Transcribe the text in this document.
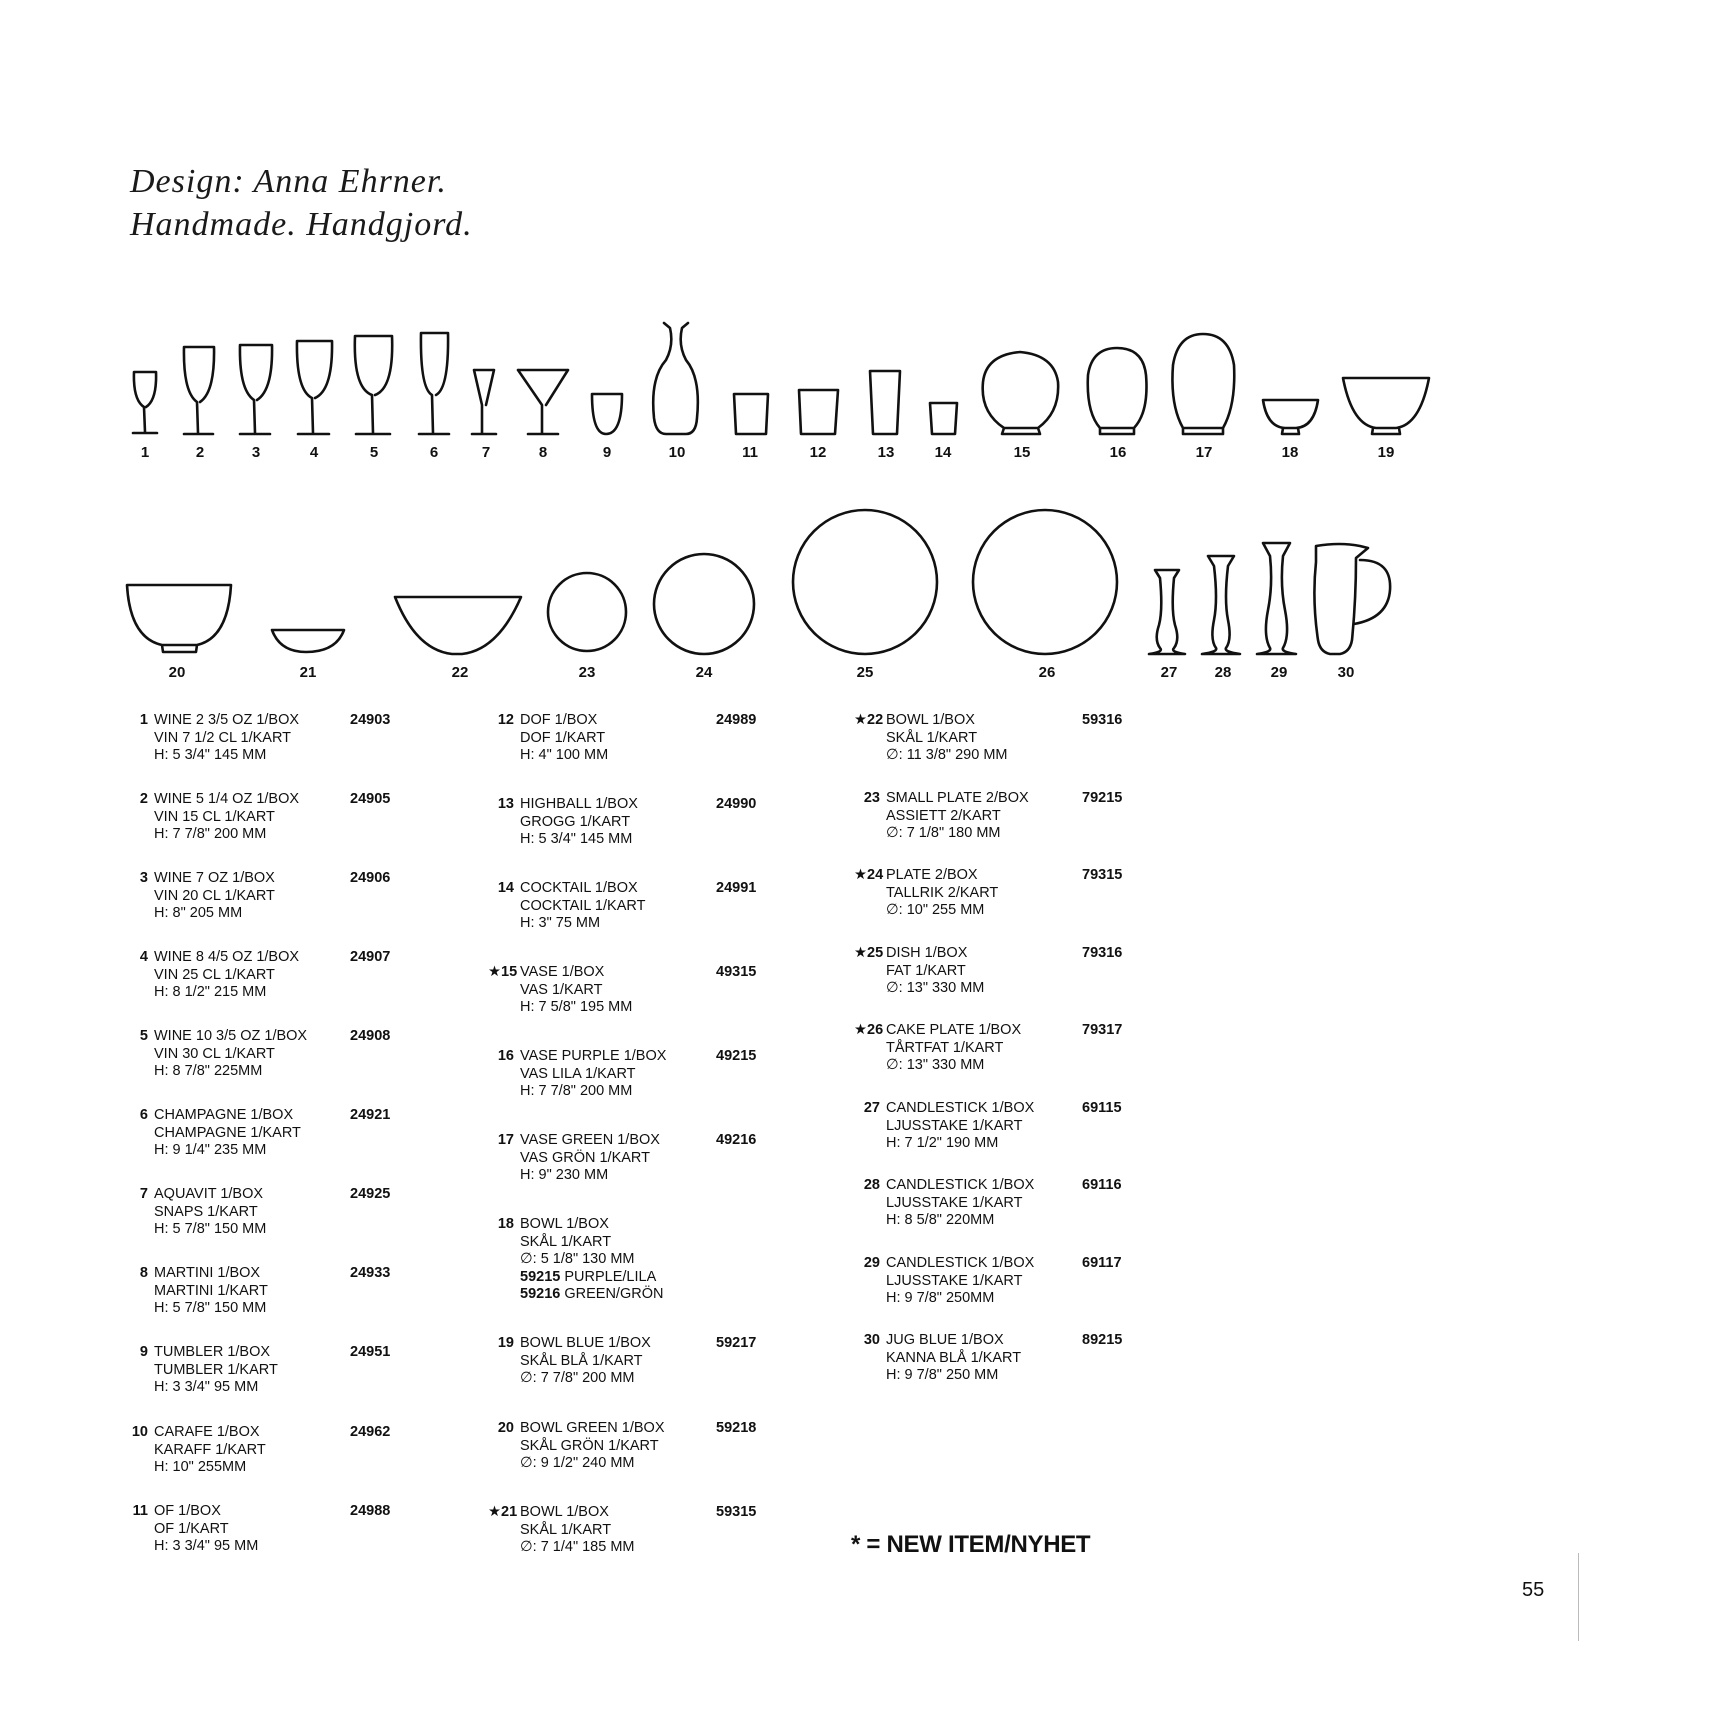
Design: Anna Ehrner.
Handmade. Handgjord.
1	2	3	4	5	6	7	8	9	10	11	12	13	14	15	16	17	18	19
20	21	22	23	24	25	26	27 28	29	30
1 WINE 2 3/5 OZ 1/BOX
VIN 7 1/2 CL 1/KART
H: 5 3/4" 145 MM
24903
2 WINE 5 1/4 OZ 1/BOX
VIN 15 CL 1/KART
H: 7 7/8" 200 MM
24905
3 WINE 7 OZ 1/BOX
VIN 20 CL 1/KART
H: 8" 205 MM
24906
4 WINE 8 4/5 OZ 1/BOX
VIN 25 CL 1/KART
H: 8 1/2" 215 MM
24907
5 WINE 10 3/5 OZ 1/BOX
VIN 30 CL 1/KART
H: 8 7/8" 225MM
24908
6 CHAMPAGNE 1/BOX
CHAMPAGNE 1/KART
H: 9 1/4" 235 MM
24921
7 AQUAVIT 1/BOX
SNAPS 1/KART
H: 5 7/8" 150 MM
24925
8 MARTINI 1/BOX
MARTINI 1/KART
H: 5 7/8" 150 MM
24933
9 TUMBLER 1/BOX
TUMBLER 1/KART
H: 3 3/4" 95 MM
24951
10 CARAFE 1/BOX
KARAFF 1/KART
H: 10" 255MM
24962
11 OF 1/BOX
OF 1/KART
H: 3 3/4" 95 MM
24988
12 DOF 1/BOX
DOF 1/KART
H: 4" 100 MM
24989
13 HIGHBALL 1/BOX
GROGG 1/KART
H: 5 3/4" 145 MM
24990
14 COCKTAIL 1/BOX
COCKTAIL 1/KART
H: 3" 75 MM
24991
★15 VASE 1/BOX
VAS 1/KART
H: 7 5/8" 195 MM
49315
16 VASE PURPLE 1/BOX
VAS LILA 1/KART
H: 7 7/8" 200 MM
49215
17 VASE GREEN 1/BOX
VAS GRÖN 1/KART
H: 9" 230 MM
49216
18 BOWL 1/BOX
SKÅL 1/KART
∅: 5 1/8" 130 MM
59215 PURPLE/LILA
59216 GREEN/GRÖN
19 BOWL BLUE 1/BOX
SKÅL BLÅ 1/KART
∅: 7 7/8" 200 MM
59217
20 BOWL GREEN 1/BOX
SKÅL GRÖN 1/KART
∅: 9 1/2" 240 MM
59218
★21 BOWL 1/BOX
SKÅL 1/KART
∅: 7 1/4" 185 MM
59315
★22 BOWL 1/BOX
SKÅL 1/KART
∅: 11 3/8" 290 MM
59316
23 SMALL PLATE 2/BOX
ASSIETT 2/KART
∅: 7 1/8" 180 MM
79215
★24 PLATE 2/BOX
TALLRIK 2/KART
∅: 10" 255 MM
79315
★25 DISH 1/BOX
FAT 1/KART
∅: 13" 330 MM
79316
★26 CAKE PLATE 1/BOX
TÅRTFAT 1/KART
∅: 13" 330 MM
79317
27 CANDLESTICK 1/BOX
LJUSSTAKE 1/KART
H: 7 1/2" 190 MM
69115
28 CANDLESTICK 1/BOX
LJUSSTAKE 1/KART
H: 8 5/8" 220MM
69116
29 CANDLESTICK 1/BOX
LJUSSTAKE 1/KART
H: 9 7/8" 250MM
69117
30 JUG BLUE 1/BOX
KANNA BLÅ 1/KART
H: 9 7/8" 250 MM
89215
* = NEW ITEM/NYHET
55
